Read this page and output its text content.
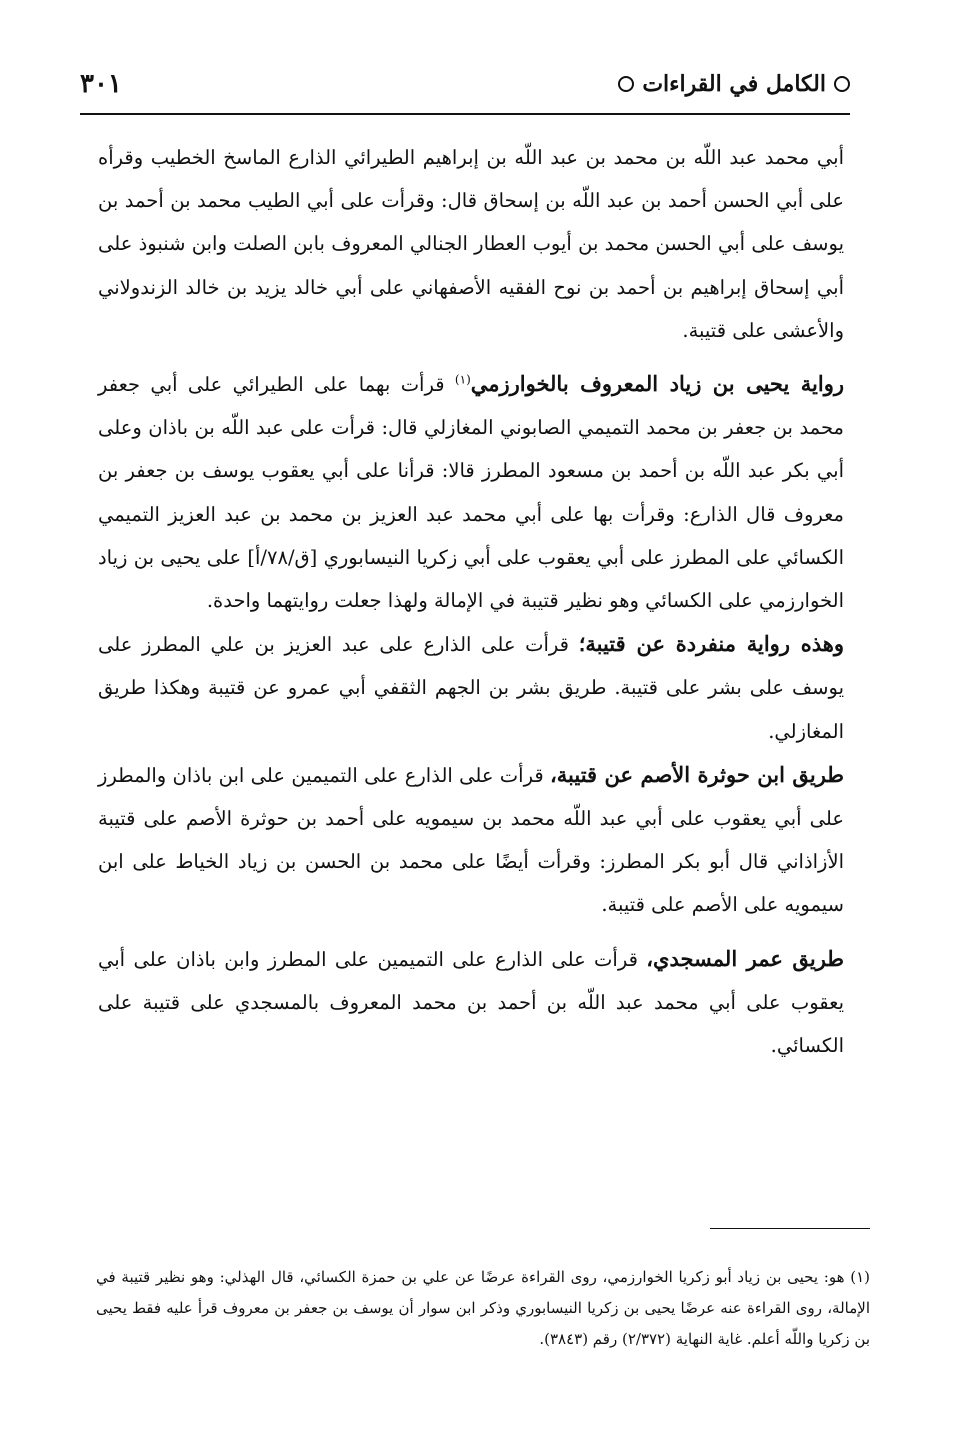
الكامل في القراءات
٣٠١

أبي محمد عبد اللّه بن محمد بن عبد اللّه بن إبراهيم الطيرائي الذارع الماسخ الخطيب وقرأه على أبي الحسن أحمد بن عبد اللّه بن إسحاق قال: وقرأت على أبي الطيب محمد بن أحمد بن يوسف على أبي الحسن محمد بن أيوب العطار الجنالي المعروف بابن الصلت وابن شنبوذ على أبي إسحاق إبراهيم بن أحمد بن نوح الفقيه الأصفهاني على أبي خالد يزيد بن خالد الزندولاني والأعشى على قتيبة.

رواية يحيى بن زياد المعروف بالخوارزمي$^{(١)}$ قرأت بهما على الطيرائي على أبي جعفر محمد بن جعفر بن محمد التميمي الصابوني المغازلي قال: قرأت على عبد اللّه بن باذان وعلى أبي بكر عبد اللّه بن أحمد بن مسعود المطرز قالا: قرأنا على أبي يعقوب يوسف بن جعفر بن معروف قال الذارع: وقرأت بها على أبي محمد عبد العزيز بن محمد بن عبد العزيز التميمي الكسائي على المطرز على أبي يعقوب على أبي زكريا النيسابوري [ق/٧٨/أ] على يحيى بن زياد الخوارزمي على الكسائي وهو نظير قتيبة في الإمالة ولهذا جعلت روايتهما واحدة.

وهذه رواية منفردة عن قتيبة؛ قرأت على الذارع على عبد العزيز بن علي المطرز على يوسف على بشر على قتيبة. طريق بشر بن الجهم الثقفي أبي عمرو عن قتيبة وهكذا طريق المغازلي.

طريق ابن حوثرة الأصم عن قتيبة، قرأت على الذارع على التميمين على ابن باذان والمطرز على أبي يعقوب على أبي عبد اللّه محمد بن سيمويه على أحمد بن حوثرة الأصم على قتيبة الأزاذاني قال أبو بكر المطرز: وقرأت أيضًا على محمد بن الحسن بن زياد الخياط على ابن سيمويه على الأصم على قتيبة.

طريق عمر المسجدي، قرأت على الذارع على التميمين على المطرز وابن باذان على أبي يعقوب على أبي محمد عبد اللّه بن أحمد بن محمد المعروف بالمسجدي على قتيبة على الكسائي.

(١) هو: يحيى بن زياد أبو زكريا الخوارزمي، روى القراءة عرضًا عن علي بن حمزة الكسائي، قال الهذلي: وهو نظير قتيبة في الإمالة، روى القراءة عنه عرضًا يحيى بن زكريا النيسابوري وذكر ابن سوار أن يوسف بن جعفر بن معروف قرأ عليه فقط يحيى بن زكريا واللّه أعلم. غاية النهاية (٢/٣٧٢) رقم (٣٨٤٣).
